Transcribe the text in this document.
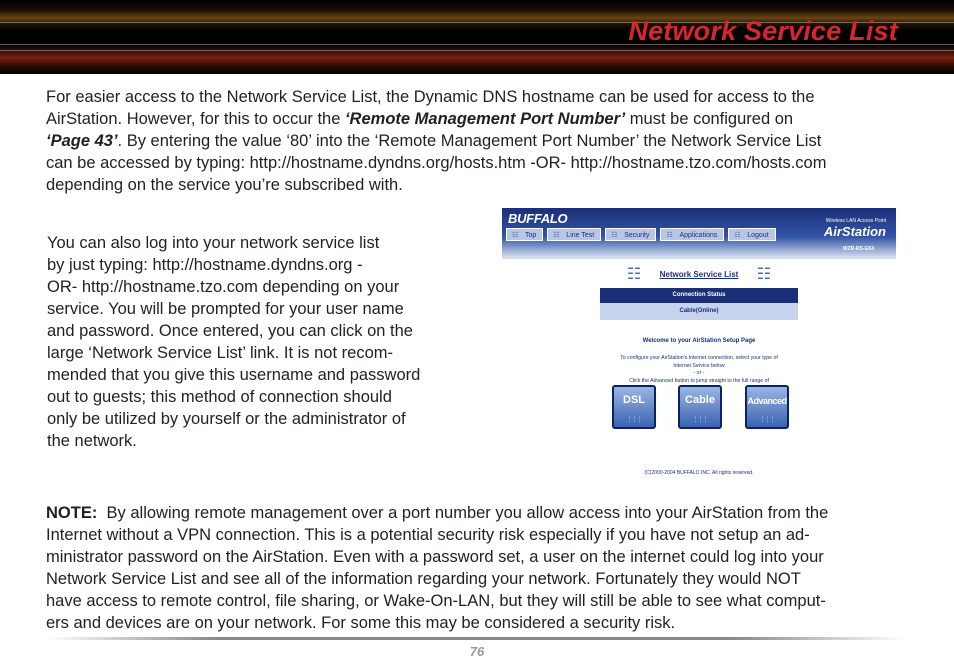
Network Service List
For easier access to the Network Service List, the Dynamic DNS hostname can be used for access to the
AirStation. However, for this to occur the ‘Remote Management Port Number’ must be configured on
‘Page 43’. By entering the value ‘80’ into the ‘Remote Management Port Number’ the Network Service List
can be accessed by typing: http://hostname.dyndns.org/hosts.htm -OR- http://hostname.tzo.com/hosts.com
depending on the service you’re subscribed with.
You can also log into your network service list
by just typing: http://hostname.dyndns.org -
OR- http://hostname.tzo.com depending on your
service. You will be prompted for your user name
and password. Once entered, you can click on the
large ‘Network Service List’ link. It is not recom-
mended that you give this username and password
out to guests; this method of connection should
only be utilized by yourself or the administrator of
the network.
BUFFALO	Wireless LAN Access Point
AirStation
☷ Top	☷ Line Test	☷ Security	☷ Applications	☷ Logout
WZR-RS-G54
☷ Network Service List ☷
Connection Status
Cable(Online)
Welcome to your AirStation Setup Page
To configure your AirStation's Internet connection, select your type of
Internet Service below
- or -
Click the Advanced button to jump straight to the full range of
DSL
⋮⋮⋮
Cable
⋮⋮⋮
Advanced
⋮⋮⋮
(C)2000-2004 BUFFALO INC. All rights reserved.
NOTE:  By allowing remote management over a port number you allow access into your AirStation from the
Internet without a VPN connection. This is a potential security risk especially if you have not setup an ad-
ministrator password on the AirStation. Even with a password set, a user on the internet could log into your
Network Service List and see all of the information regarding your network. Fortunately they would NOT
have access to remote control, file sharing, or Wake-On-LAN, but they will still be able to see what comput-
ers and devices are on your network. For some this may be considered a security risk.
76
